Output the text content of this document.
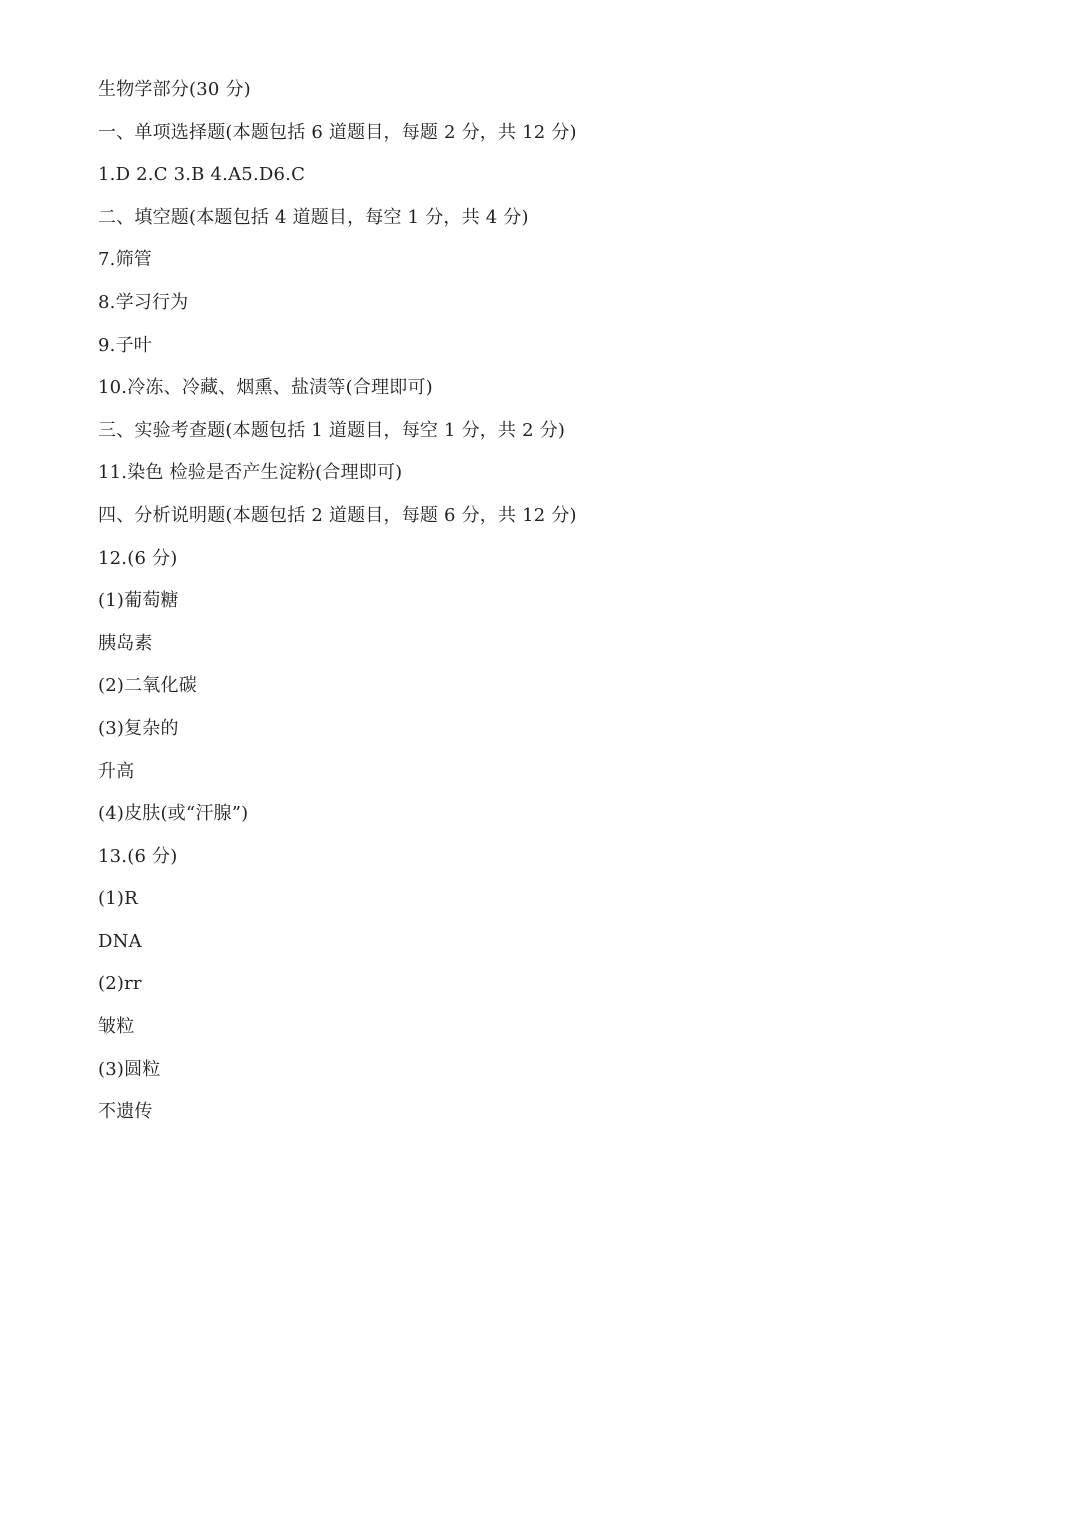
生物学部分(30 分)
一、单项选择题(本题包括 6 道题目，每题 2 分，共 12 分)
1.D 2.C 3.B 4.A5.D6.C
二、填空题(本题包括 4 道题目，每空 1 分，共 4 分)
7.筛管
8.学习行为
9.子叶
10.冷冻、冷藏、烟熏、盐渍等(合理即可)
三、实验考查题(本题包括 1 道题目，每空 1 分，共 2 分)
11.染色 检验是否产生淀粉(合理即可)
四、分析说明题(本题包括 2 道题目，每题 6 分，共 12 分)
12.(6 分)
(1)葡萄糖
胰岛素
(2)二氧化碳
(3)复杂的
升高
(4)皮肤(或“汗腺”)
13.(6 分)
(1)R
DNA
(2)rr
皱粒
(3)圆粒
不遗传
